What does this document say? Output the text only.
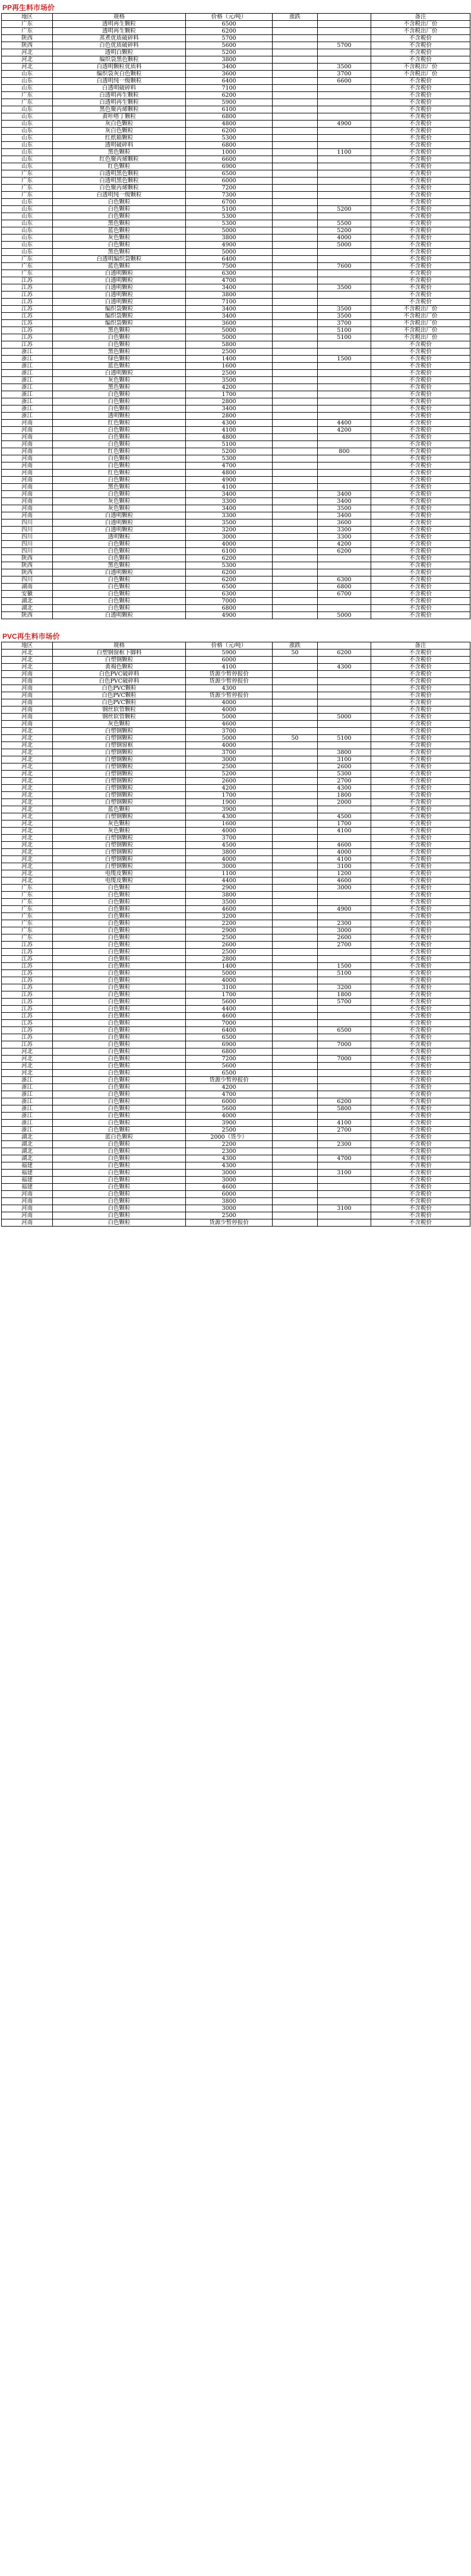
PP再生料市场价
地区	规格	价格（元/吨）	涨跌		备注
广东	透明再生颗粒	6500			不含税出厂价
广东	透明再生颗粒	6200			不含税出厂价
陕西	蒸煮优质破碎料	5700			不含税价
陕西	白色优质破碎料	5600		5700	不含税价
河北	透明白颗粒	5200			不含税价
河北	编织袋黑色颗粒	3800			不含税价
河北	白透明颗粒优质料	3400		3500	不含税出厂价
山东	编织袋灰白色颗粒	3600		3700	不含税出厂价
山东	白透明纯一级颗粒	6400		6600	不含税价
山东	白透明破碎料	7100			不含税价
广东	白透明再生颗粒	6200			不含税价
广东	白透明再生颗粒	5900			不含税价
山东	黑色聚丙烯颗粒	6100			不含税价
山东	黄咔嗒丁颗粒	6800			不含税价
山东	灰白色颗粒	4800		4900	不含税价
山东	灰白色颗粒	6200			不含税价
山东	红纸箱颗粒	5300			不含税价
山东	透明破碎料	6800			不含税价
山东	黑色颗粒	1000		1100	不含税价
山东	红色聚丙烯颗粒	6600			不含税价
山东	红色颗粒	6900			不含税价
广东	白透明黑色颗粒	6500			不含税价
广东	白透明黑色颗粒	6000			不含税价
广东	白色聚丙烯颗粒	7200			不含税价
广东	白透明纯一级颗粒	7300			不含税价
山东	白色颗粒	6700			不含税价
山东	白色颗粒	5100		5200	不含税价
山东	白色颗粒	5300			不含税价
山东	黑色颗粒	5300		5500	不含税价
山东	蓝色颗粒	5000		5200	不含税价
山东	灰色颗粒	3800		4000	不含税价
山东	白色颗粒	4900		5000	不含税价
山东	黑色颗粒	5000			不含税价
广东	白透明编织袋颗粒	6400			不含税价
广东	蓝色颗粒	7500		7600	不含税价
广东	白透明颗粒	6300			不含税价
江苏	白透明颗粒	4700			不含税价
江苏	白透明颗粒	3400		3500	不含税价
江苏	白透明颗粒	3800			不含税价
江苏	白透明颗粒	7100			不含税价
江苏	编织袋颗粒	3400		3500	不含税出厂价
江苏	编织袋颗粒	3400		3500	不含税出厂价
江苏	编织袋颗粒	3600		3700	不含税出厂价
江苏	黑色颗粒	5000		5100	不含税出厂价
江苏	白色颗粒	5000		5100	不含税出厂价
江苏	白色颗粒	5800			不含税价
浙江	黑色颗粒	2500			不含税价
浙江	绿色颗粒	1400		1500	不含税价
浙江	蓝色颗粒	1600			不含税价
浙江	白透明颗粒	2500			不含税价
浙江	灰色颗粒	3500			不含税价
浙江	黑色颗粒	4200			不含税价
浙江	白色颗粒	1700			不含税价
浙江	白色颗粒	2800			不含税价
浙江	白色颗粒	3400			不含税价
浙江	透明颗粒	2800			不含税价
河南	红色颗粒	4300		4400	不含税价
河南	白色颗粒	4100		4200	不含税价
河南	白色颗粒	4800			不含税价
河南	白色颗粒	5100			不含税价
河南	红色颗粒	5200		800	不含税价
河南	白色颗粒	5300			不含税价
河南	白色颗粒	4700			不含税价
河南	红色颗粒	4800			不含税价
河南	白色颗粒	4900			不含税价
河南	黑色颗粒	4100			不含税价
河南	白色颗粒	3400		3400	不含税价
河南	灰色颗粒	3300		3400	不含税价
河南	灰色颗粒	3400		3500	不含税价
河南	白透明颗粒	3300		3400	不含税价
四川	白透明颗粒	3500		3600	不含税价
四川	白透明颗粒	3200		3300	不含税价
四川	透明颗粒	3000		3300	不含税价
四川	白色颗粒	4000		4200	不含税价
四川	白色颗粒	6100		6200	不含税价
陕西	白色颗粒	6200			不含税价
陕西	黑色颗粒	5300			不含税价
陕西	白透明颗粒	6200			不含税价
四川	白色颗粒	6200		6300	不含税价
湖南	白色颗粒	6500		6800	不含税价
安徽	白色颗粒	6300		6700	不含税价
湖北	白色颗粒	7000			不含税价
湖北	白色颗粒	6800			不含税价
陕西	白透明颗粒	4900		5000	不含税价
PVC再生料市场价
地区	规格	价格（元/吨）	涨跌		备注
河北	白塑钢窗框下脚料	5900	50	6200	不含税价
河北	白塑钢颗粒	6000			不含税价
河北	黄褐色颗粒	4100		4300	不含税价
河南	白色PVC破碎料	货源少暂停报价			不含税价
河南	白色PVC破碎料	货源少暂停报价			不含税价
河南	白色PVC颗粒	4300			不含税价
河南	白色PVC颗粒	货源少暂停报价			不含税价
河南	白色PVC颗粒	4000			不含税价
河南	钢丝软管颗粒	4000			不含税价
河南	钢丝软管颗粒	5000		5000	不含税价
河南	灰色颗粒	4600			不含税价
河北	白塑钢颗粒	3700			不含税价
河北	白塑钢颗粒	5000	50	5100	不含税价
河北	白塑钢窗框	4000			不含税价
河北	白塑钢颗粒	3700		3800	不含税价
河北	白塑钢颗粒	3000		3100	不含税价
河北	白塑钢颗粒	2500		2600	不含税价
河北	白塑钢颗粒	5200		5300	不含税价
河北	白塑钢颗粒	2600		2700	不含税价
河北	白塑钢颗粒	4200		4300	不含税价
河北	白塑钢颗粒	1700		1800	不含税价
河北	白塑钢颗粒	1900		2000	不含税价
河北	蓝色颗粒	3900			不含税价
河北	白塑钢颗粒	4300		4500	不含税价
河北	灰色颗粒	1600		1700	不含税价
河北	灰色颗粒	4000		4100	不含税价
河北	白塑钢颗粒	3700			不含税价
河北	白塑钢颗粒	4500		4600	不含税价
河北	白塑钢颗粒	3800		4000	不含税价
河北	白塑钢颗粒	4000		4100	不含税价
河北	白塑钢颗粒	3000		3100	不含税价
河北	电缆皮颗粒	1100		1200	不含税价
河北	电缆皮颗粒	4400		4600	不含税价
广东	白色颗粒	2900		3000	不含税价
广东	白色颗粒	3800			不含税价
广东	白色颗粒	3500			不含税价
广东	白色颗粒	4600		4900	不含税价
广东	白色颗粒	3200			不含税价
广东	白色颗粒	2200		2300	不含税价
广东	白色颗粒	2900		3000	不含税价
广东	白色颗粒	2500		2600	不含税价
江苏	白色颗粒	2600		2700	不含税价
江苏	白色颗粒	2500			不含税价
江苏	白色颗粒	2800			不含税价
江苏	白色颗粒	1400		1500	不含税价
江苏	白色颗粒	5000		5100	不含税价
江苏	白色颗粒	4000			不含税价
江苏	白色颗粒	3100		3200	不含税价
江苏	白色颗粒	1700		1800	不含税价
江苏	白色颗粒	5600		5700	不含税价
江苏	白色颗粒	4400			不含税价
江苏	白色颗粒	4600			不含税价
江苏	白色颗粒	7000			不含税价
江苏	白色颗粒	6400		6500	不含税价
江苏	白色颗粒	6500			不含税价
江苏	白色颗粒	6900		7000	不含税价
河北	白色颗粒	6800			不含税价
河北	白色颗粒	7200		7000	不含税价
河北	白色颗粒	5600			不含税价
河北	白色颗粒	6500			不含税价
浙江	白色颗粒	货源少暂停报价			不含税价
浙江	白色颗粒	4200			不含税价
浙江	白色颗粒	4700			不含税价
浙江	白色颗粒	6000		6200	不含税价
浙江	白色颗粒	5600		5800	不含税价
浙江	白色颗粒	4000			不含税价
浙江	白色颗粒	3900		4100	不含税价
浙江	白色颗粒	2500		2700	不含税价
湖北	蓝白色颗粒	2000（货少）			不含税价
湖北	白色颗粒	2200		2300	不含税价
湖北	白色颗粒	2300			不含税价
湖北	白色颗粒	4300		4700	不含税价
福建	白色颗粒	4300			不含税价
福建	白色颗粒	3000		3100	不含税价
福建	白色颗粒	3000			不含税价
福建	白色颗粒	4600			不含税价
河南	白色颗粒	6000			不含税价
河南	白色颗粒	3800			不含税价
河南	白色颗粒	3000		3100	不含税价
河南	白色颗粒	2500			不含税价
河南	白色颗粒	货源少暂停报价			不含税价
